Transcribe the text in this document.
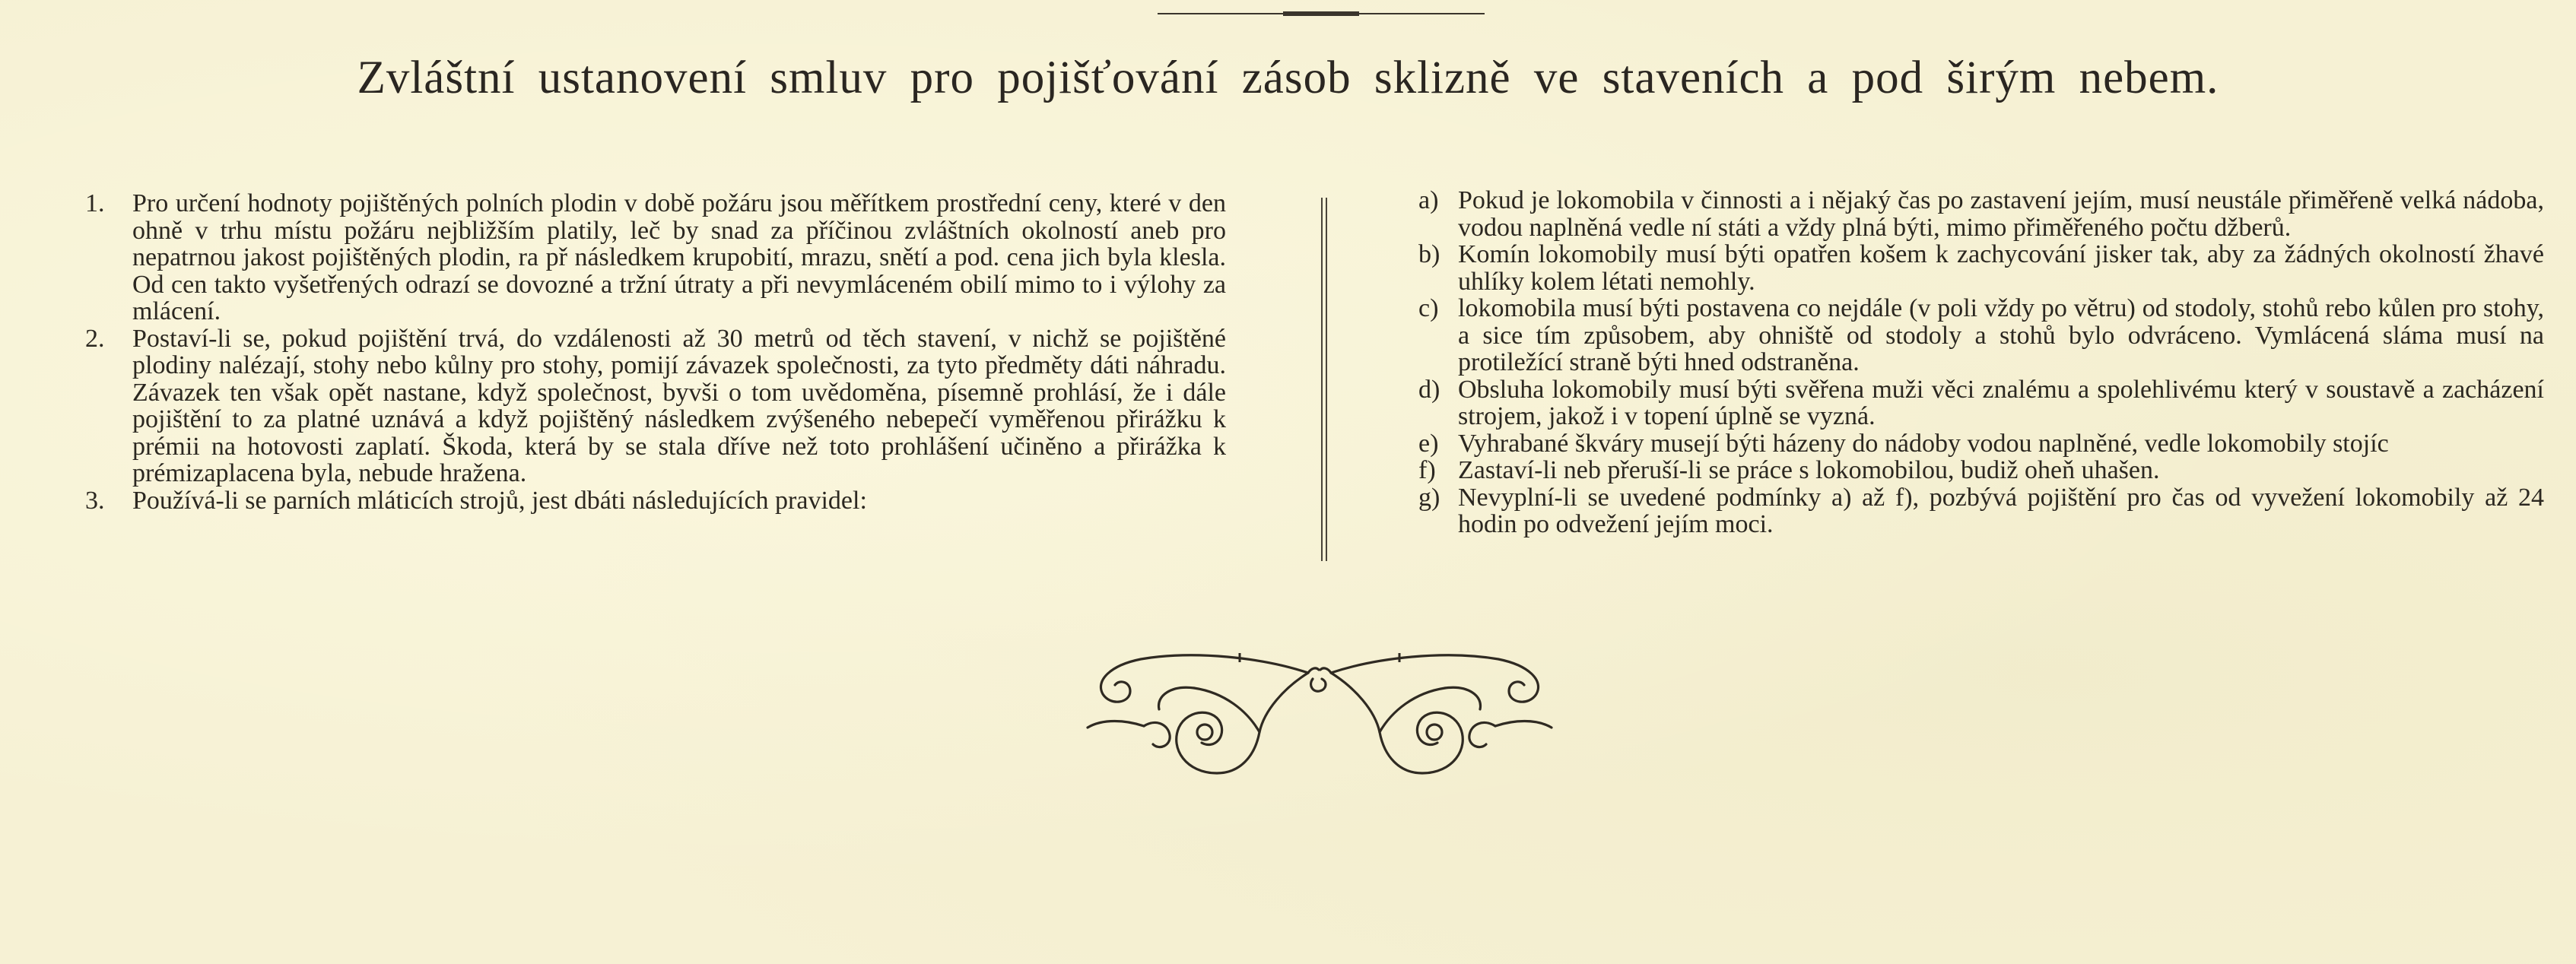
Zvláštní ustanovení smluv pro pojišťování zásob sklizně ve staveních a pod širým nebem.
1.	Pro určení hodnoty pojištěných polních plodin v době požáru jsou měřítkem prostřední ceny, které v den ohně v trhu místu požáru nejbližším platily, leč by snad za příčinou zvláštních okolností aneb pro nepatrnou jakost pojištěných plodin, ra př následkem krupobití, mrazu, snětí a pod. cena jich byla klesla. Od cen takto vyšetřených odrazí se dovozné a tržní útraty a při nevymláceném obilí mimo to i výlohy za mlácení.
2.	Postaví-li se, pokud pojištění trvá, do vzdálenosti až 30 metrů od těch stavení, v nichž se pojištěné plodiny nalézají, stohy nebo kůlny pro stohy, pomijí závazek společnosti, za tyto předměty dáti náhradu. Závazek ten však opět nastane, když společnost, byvši o tom uvědoměna, písemně prohlásí, že i dále pojištění to za platné uznává a když pojištěný následkem zvýšeného nebepečí vyměřenou přirážku k prémii na hotovosti zaplatí. Škoda, která by se stala dříve než toto prohlášení učiněno a přirážka k prémizaplacena byla, nebude hražena.
3.	Používá-li se parních mláticích strojů, jest dbáti následujících pravidel:
a) Pokud je lokomobila v činnosti a i nějaký čas po zastavení jejím, musí neustále přiměřeně velká nádoba, vodou naplněná vedle ní státi a vždy plná býti, mimo přiměřeného počtu džberů.
b) Komín lokomobily musí býti opatřen košem k zachycování jisker tak, aby za žádných okolností žhavé uhlíky kolem létati nemohly.
c) lokomobila musí býti postavena co nejdále (v poli vždy po větru) od stodoly, stohů rebo kůlen pro stohy, a sice tím způsobem, aby ohniště od stodoly a stohů bylo odvráceno. Vymlácená sláma musí na protiležící straně býti hned odstraněna.
d) Obsluha lokomobily musí býti svěřena muži věci znalému a spolehlivému který v soustavě a zacházení strojem, jakož i v topení úplně se vyzná.
e) Vyhrabané škváry musejí býti házeny do nádoby vodou naplněné, vedle lokomobily stojíc
f) Zastaví-li neb přeruší-li se práce s lokomobilou, budiž oheň uhašen.
g) Nevyplní-li se uvedené podmínky a) až f), pozbývá pojištění pro čas od vyvežení lokomobily až 24 hodin po odvežení jejím moci.
